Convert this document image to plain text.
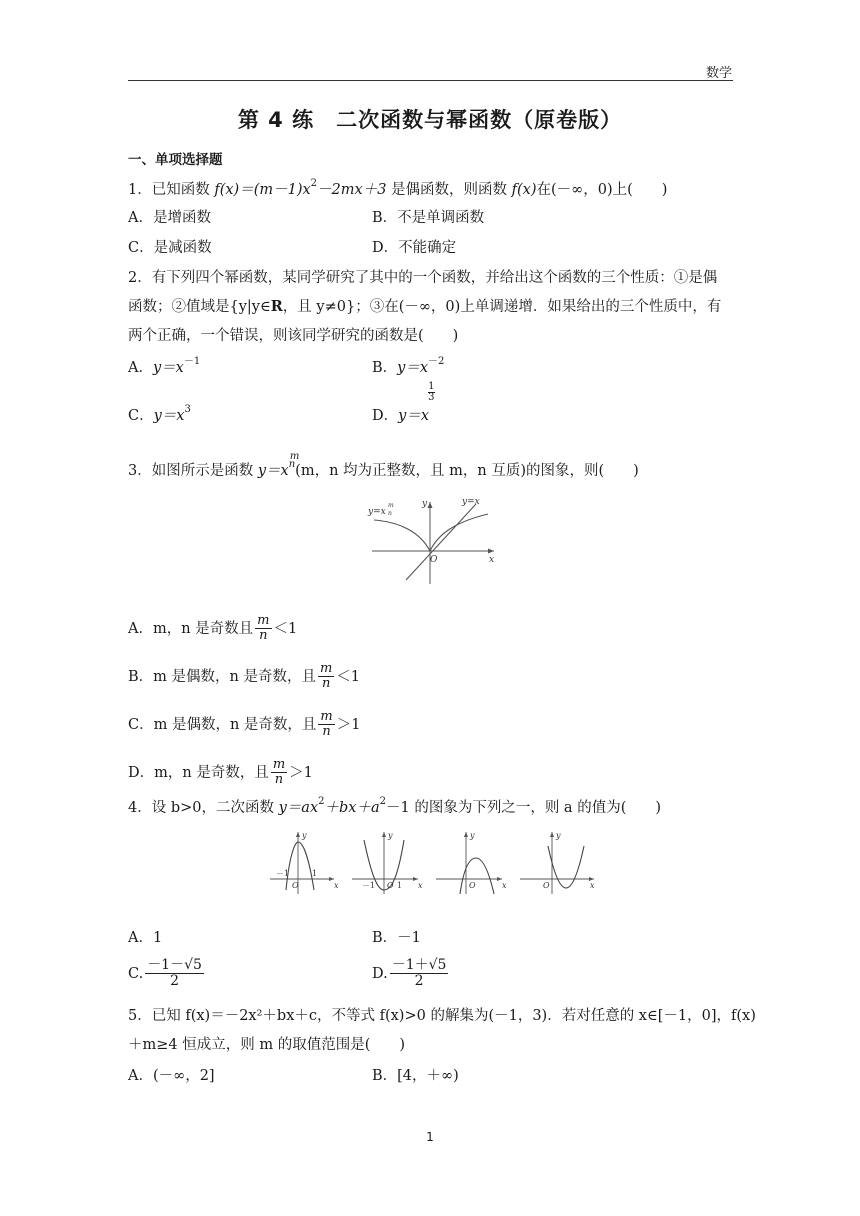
数学
第 4 练　二次函数与幂函数（原卷版）
一、单项选择题
1．已知函数 $f(x)=(m-1)x^2-2mx+3$ 是偶函数，则函数 f(x)在(－∞，0)上(　　)
A．是增函数	B．不是单调函数
C．是减函数	D．不能确定
2．有下列四个幂函数，某同学研究了其中的一个函数，并给出这个函数的三个性质：①是偶
函数；②值域是{y|y∈R，且 y≠0}；③在(－∞，0)上单调递增．如果给出的三个性质中，有
两个正确，一个错误，则该同学研究的函数是(　　)
A．$y=x^{-1}$	B．$y=x^{-2}$
C．$y=x^3$	D．y＝x
1
3
3．如图所示是函数 y＝x
m
$^n$(m，n 均为正整数，且 m，n 互质)的图象，则(　　)
y=x
m
n
y=x
x
y
O
A．m，n 是奇数且 $\frac{m}{n} <1$
B．m 是偶数，n 是奇数，且 $\frac{m}{n} <1$
C．m 是偶数，n 是奇数，且 $\frac{m}{n} >1$
D．m，n 是奇数，且 $\frac{m}{n} >1$
4．设 b>0，二次函数 $y=ax^2+bx+a^2-1$ 的图象为下列之一，则 a 的值为(　　)
y
x
O
－1	1
y
x
O
－1	1
y
x
O
y
x
O
A．1	B．－1
C. $\frac{-1-√5}{2}$	D. $\frac{-1+√5}{2}$
5．已知 f(x)＝－2x²＋bx＋c，不等式 f(x)>0 的解集为(－1，3)．若对任意的 x∈[－1，0]，f(x)
＋m≥4 恒成立，则 m 的取值范围是(　　)
A．(－∞，2]	B．[4，＋∞)
1
